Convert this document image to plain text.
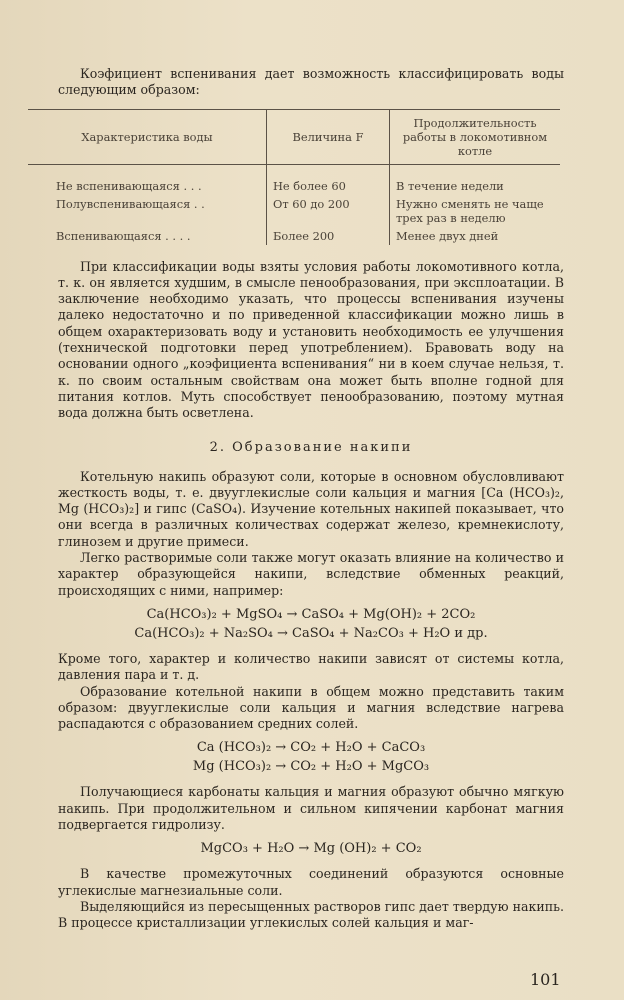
Коэфициент вспенивания дает возможность классифицировать воды следующим образом:

Характеристика воды	Величина F	Продолжительность работы в локомотивном котле
Не вспенивающаяся . . .	Не более 60	В течение недели
Полувспенивающаяся . .	От 60 до 200	Нужно сменять не чаще трех раз в неделю
Вспенивающаяся . . . .	Более 200	Менее двух дней

При классификации воды взяты условия работы локомотивного котла, т. к. он является худшим, в смысле пенообразования, при эксплоатации. В заключение необходимо указать, что процессы вспенивания изучены далеко недостаточно и по приведенной классификации можно лишь в общем охарактеризовать воду и установить необходимость ее улучшения (технической подготовки перед употреблением). Бравовать воду на основании одного „коэфициента вспенивания“ ни в коем случае нельзя, т. к. по своим остальным свойствам она может быть вполне годной для питания котлов. Муть способствует пенообразованию, поэтому мутная вода должна быть осветлена.

2. Образование накипи

Котельную накипь образуют соли, которые в основном обусловливают жесткость воды, т. е. двууглекислые соли кальция и магния [Ca (HCO₃)₂, Mg (HCO₃)₂] и гипс (CaSO₄). Изучение котельных накипей показывает, что они всегда в различных количествах содержат железо, кремнекислоту, глинозем и другие примеси.

Легко растворимые соли также могут оказать влияние на количество и характер образующейся накипи, вследствие обменных реакций, происходящих с ними, например:

Ca(HCO₃)₂ + MgSO₄ → CaSO₄ + Mg(OH)₂ + 2CO₂
Ca(HCO₃)₂ + Na₂SO₄ → CaSO₄ + Na₂CO₃ + H₂O и др.

Кроме того, характер и количество накипи зависят от системы котла, давления пара и т. д.

Образование котельной накипи в общем можно представить таким образом: двууглекислые соли кальция и магния вследствие нагрева распадаются с образованием средних солей.

Ca (HCO₃)₂ → CO₂ + H₂O + CaCO₃
Mg (HCO₃)₂ → CO₂ + H₂O + MgCO₃

Получающиеся карбонаты кальция и магния образуют обычно мягкую накипь. При продолжительном и сильном кипячении карбонат магния подвергается гидролизу.

MgCO₃ + H₂O → Mg (OH)₂ + CO₂

В качестве промежуточных соединений образуются основные углекислые магнезиальные соли.

Выделяющийся из пересыщенных растворов гипс дает твердую накипь. В процессе кристаллизации углекислых солей кальция и маг-

101
